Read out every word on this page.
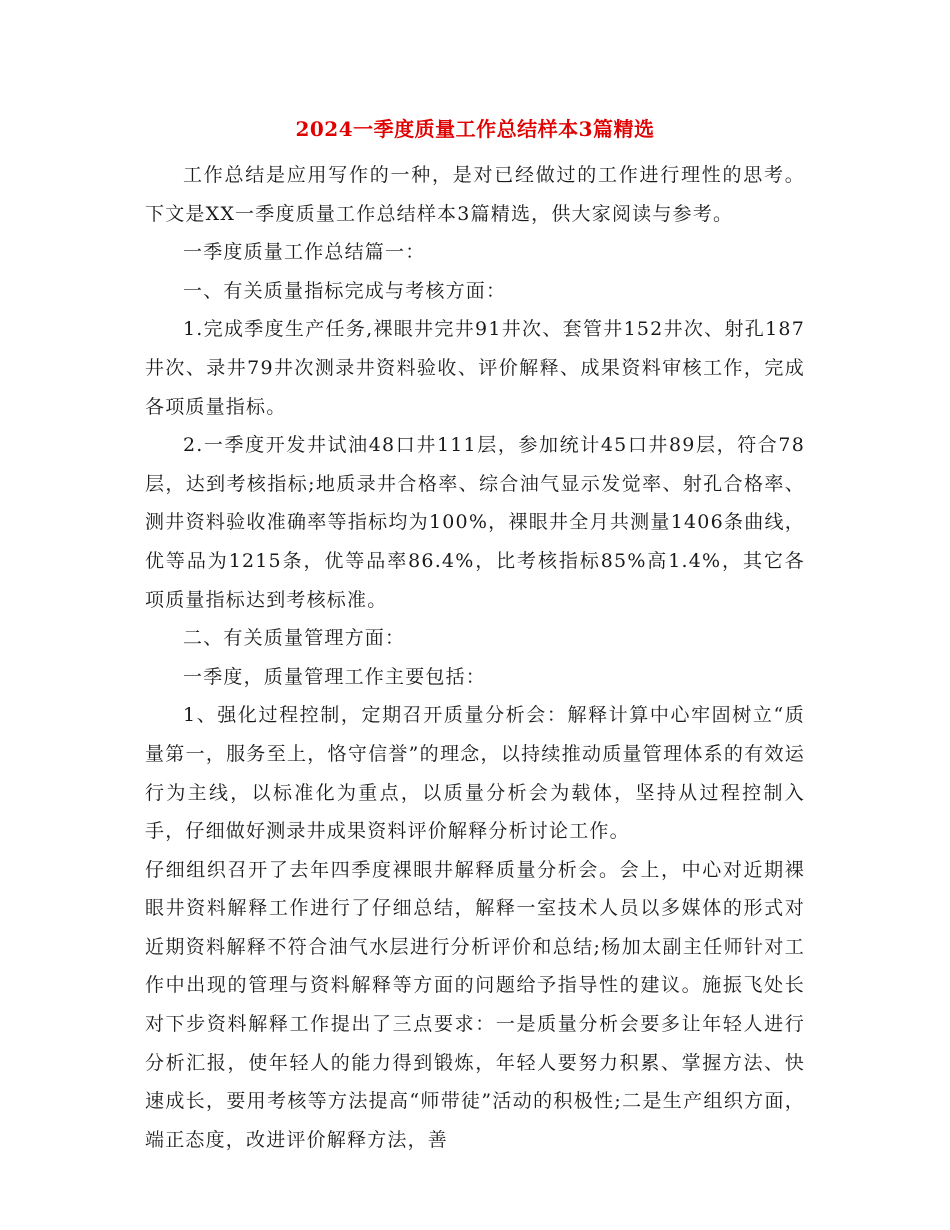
2024一季度质量工作总结样本3篇精选

工作总结是应用写作的一种，是对已经做过的工作进行理性的思考。下文是XX一季度质量工作总结样本3篇精选，供大家阅读与参考。

一季度质量工作总结篇一：

一、有关质量指标完成与考核方面：

1.完成季度生产任务,裸眼井完井91井次、套管井152井次、射孔187井次、录井79井次测录井资料验收、评价解释、成果资料审核工作，完成各项质量指标。

2.一季度开发井试油48口井111层，参加统计45口井89层，符合78层，达到考核指标;地质录井合格率、综合油气显示发觉率、射孔合格率、测井资料验收准确率等指标均为100%，裸眼井全月共测量1406条曲线，优等品为1215条，优等品率86.4%，比考核指标85%高1.4%，其它各项质量指标达到考核标准。

二、有关质量管理方面：

一季度，质量管理工作主要包括：

1、强化过程控制，定期召开质量分析会：解释计算中心牢固树立“质量第一，服务至上，恪守信誉”的理念，以持续推动质量管理体系的有效运行为主线，以标准化为重点，以质量分析会为载体，坚持从过程控制入手，仔细做好测录井成果资料评价解释分析讨论工作。

仔细组织召开了去年四季度裸眼井解释质量分析会。会上，中心对近期裸眼井资料解释工作进行了仔细总结，解释一室技术人员以多媒体的形式对近期资料解释不符合油气水层进行分析评价和总结;杨加太副主任师针对工作中出现的管理与资料解释等方面的问题给予指导性的建议。施振飞处长对下步资料解释工作提出了三点要求：一是质量分析会要多让年轻人进行分析汇报，使年轻人的能力得到锻炼，年轻人要努力积累、掌握方法、快速成长，要用考核等方法提高“师带徒”活动的积极性;二是生产组织方面，端正态度，改进评价解释方法，善
